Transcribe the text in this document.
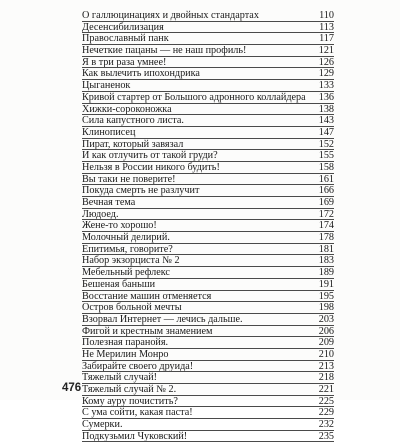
О галлюцинациях и двойных стандартах	110
Десенсибилизация	113
Православный панк	117
Нечеткие пацаны — не наш профиль!	121
Я в три раза умнее!	126
Как вылечить ипохондрика	129
Цыганенок	133
Кривой стартер от Большого адронного коллайдера 136
Хижки-сороконожка	138
Сила капустного листа.	143
Клинописец	147
Пират, который завязал	152
И как отлучить от такой груди?	155
Нельзя в России никого будить!	158
Вы таки не поверите!	161
Покуда смерть не разлучит	166
Вечная тема	169
Людоед.	172
Жене-то хорошо!	174
Молочный делирий.	178
Епитимья, говорите?	181
Набор экзорциста № 2	183
Мебельный рефлекс	189
Бешеная баньши	191
Восстание машин отменяется	195
Остров больной мечты	198
Взорвал Интернет — лечись дальше.	203
Фигой и крестным знамением	206
Полезная паранойя.	209
Не Мерилин Монро	210
Забирайте своего друида!	213
Тяжелый случай!	218
Тяжелый случай № 2.	221
Кому ауру почистить?	225
С ума сойти, какая паста!	229
Сумерки.	232
Подкузьмил Чуковский!	235
476
